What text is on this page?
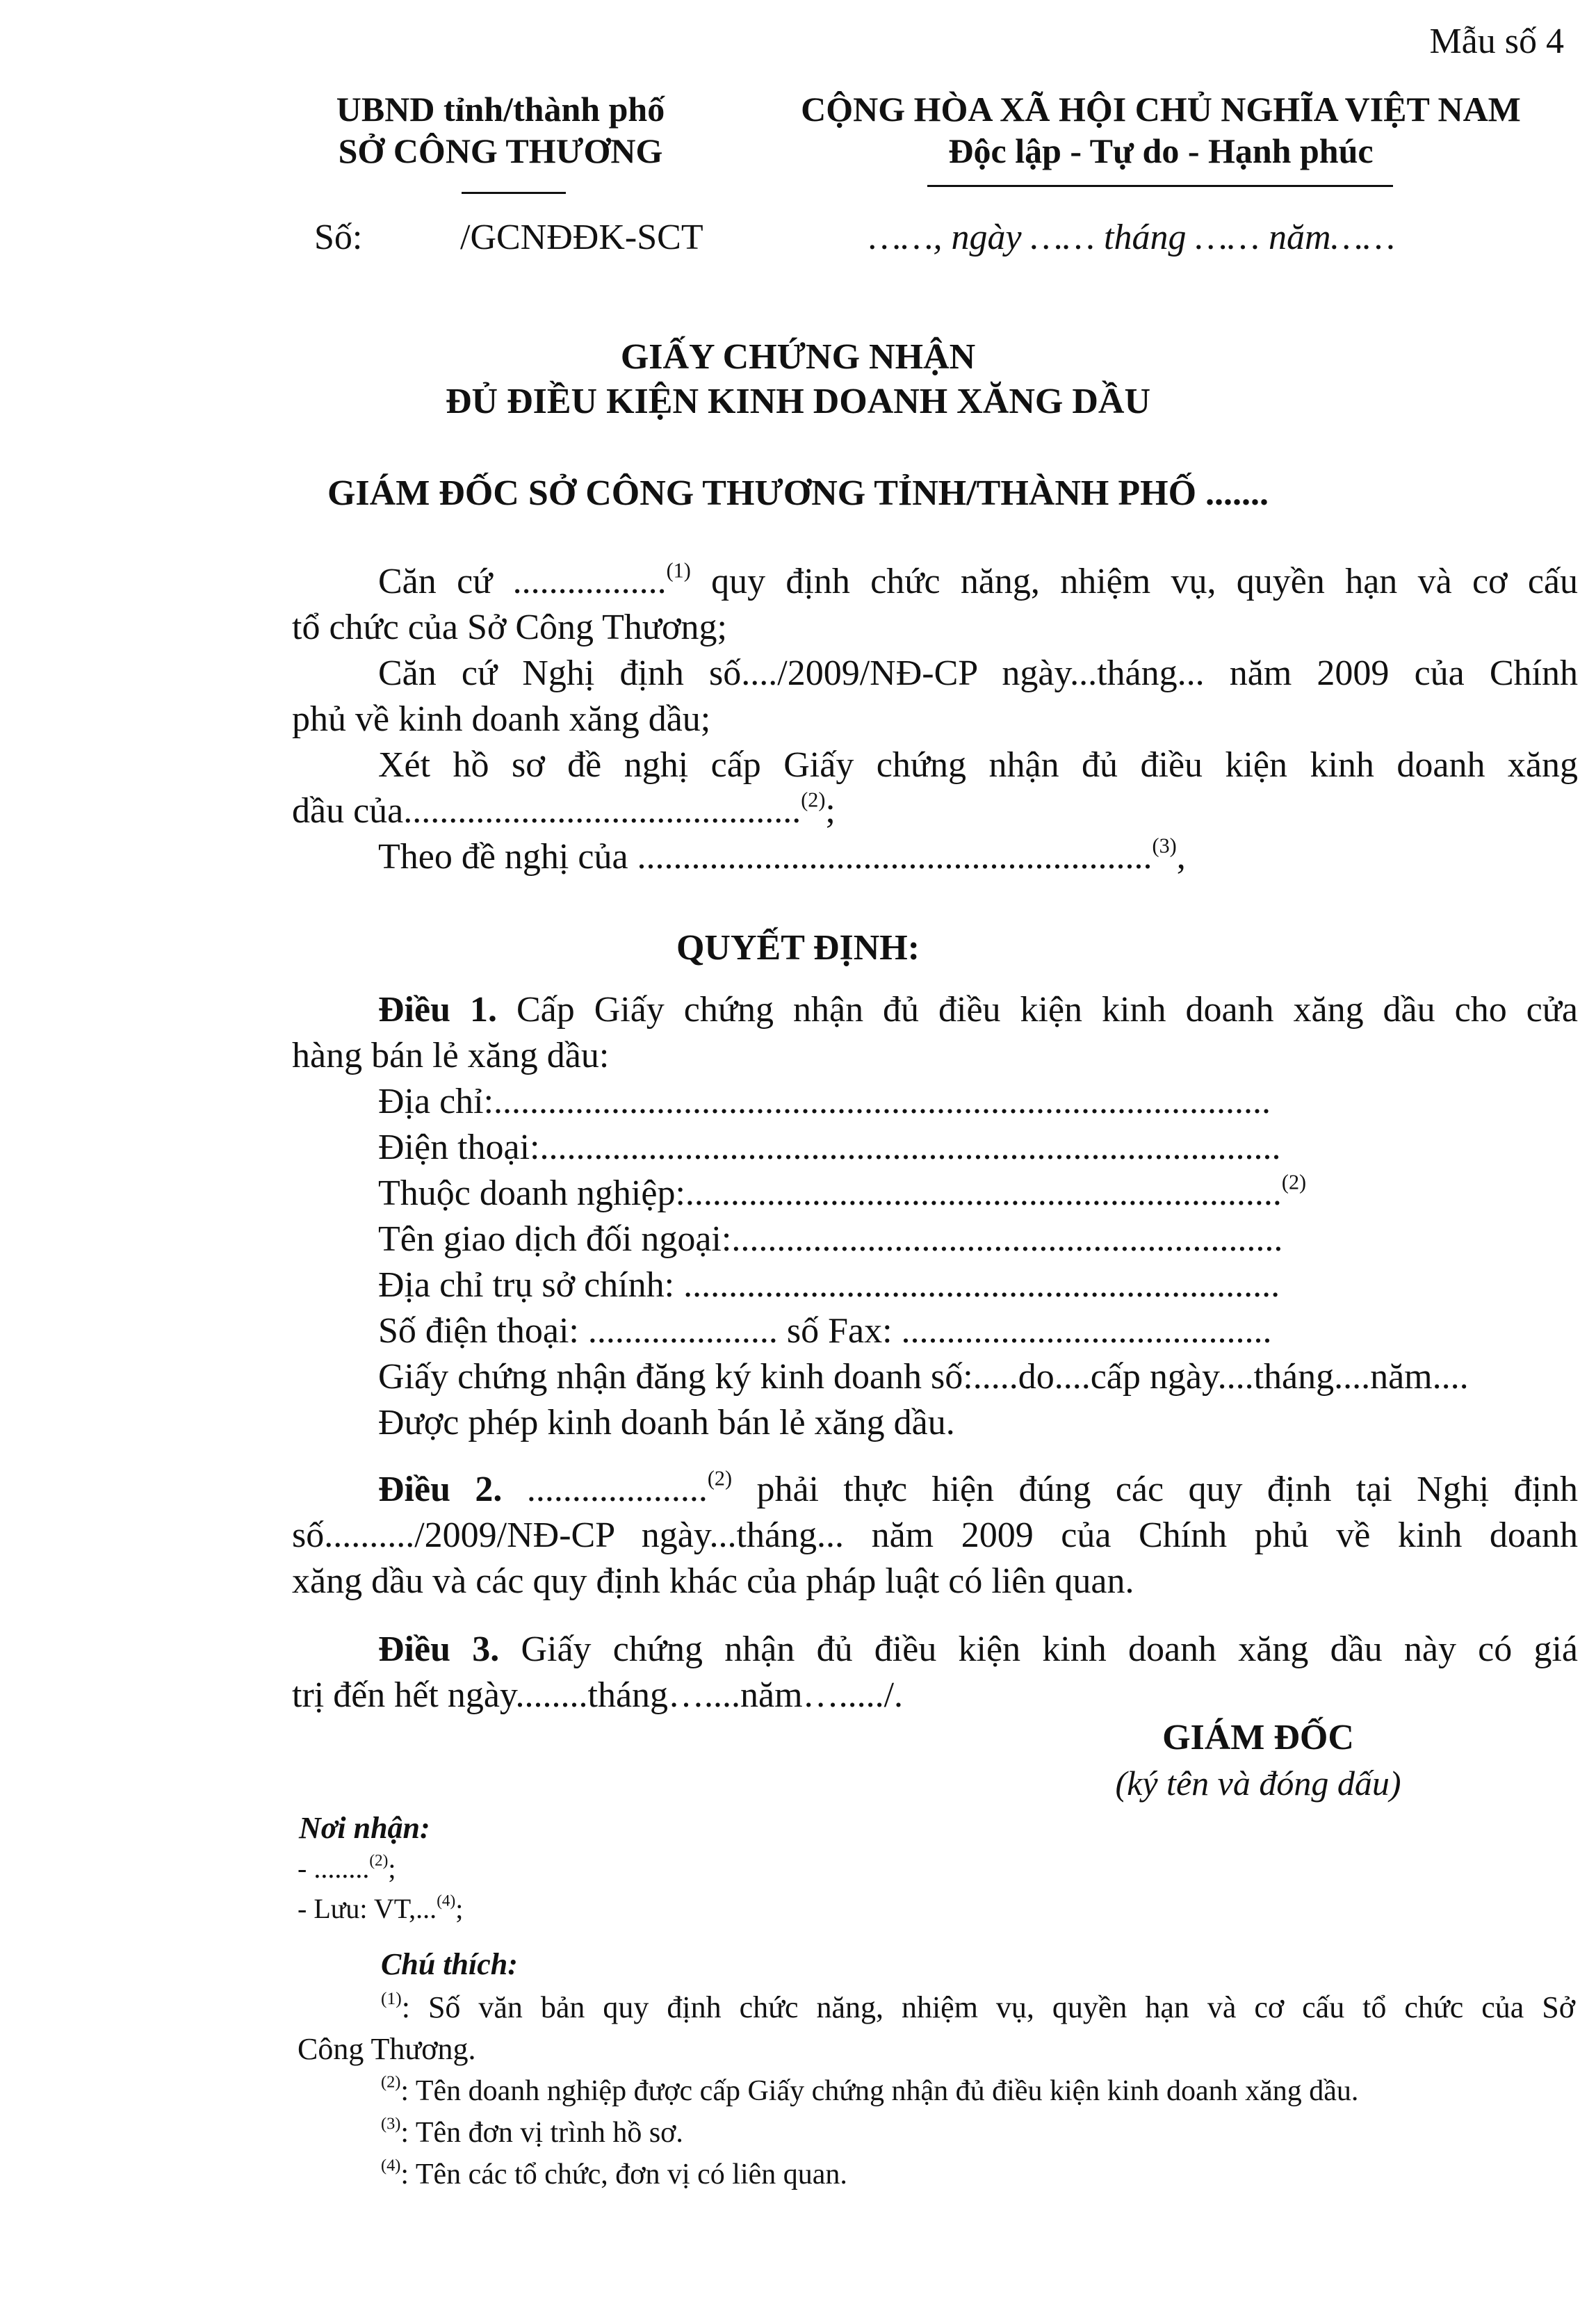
Mẫu số 4
UBND tỉnh/thành phố
SỞ CÔNG THƯƠNG
CỘNG HÒA XÃ HỘI CHỦ NGHĨA VIỆT NAM
Độc lập - Tự do - Hạnh phúc
Số:	/GCNĐĐK-SCT	……, ngày …… tháng …… năm……
GIẤY CHỨNG NHẬN
ĐỦ ĐIỀU KIỆN KINH DOANH XĂNG DẦU
GIÁM ĐỐC SỞ CÔNG THƯƠNG TỈNH/THÀNH PHỐ .......
Căn cứ .................$^{(1)}$ quy định chức năng, nhiệm vụ, quyền hạn và cơ cấu
tổ chức của Sở Công Thương;
Căn cứ Nghị định số..../2009/NĐ-CP ngày...tháng... năm 2009 của Chính
phủ về kinh doanh xăng dầu;
Xét hồ sơ đề nghị cấp Giấy chứng nhận đủ điều kiện kinh doanh xăng
dầu của............................................$^{(2)}$;
Theo đề nghị của .........................................................$^{(3)}$,
QUYẾT ĐỊNH:
Điều 1. Cấp Giấy chứng nhận đủ điều kiện kinh doanh xăng dầu cho cửa
hàng bán lẻ xăng dầu:
Địa chỉ:......................................................................................
Điện thoại:..................................................................................
Thuộc doanh nghiệp:..................................................................$^{(2)}$
Tên giao dịch đối ngoại:.............................................................
Địa chỉ trụ sở chính: ..................................................................
Số điện thoại: ..................... số Fax: .........................................
Giấy chứng nhận đăng ký kinh doanh số:.....do....cấp ngày....tháng....năm....
Được phép kinh doanh bán lẻ xăng dầu.
Điều 2. ....................$^{(2)}$ phải thực hiện đúng các quy định tại Nghị định
số........../2009/NĐ-CP ngày...tháng... năm 2009 của Chính phủ về kinh doanh
xăng dầu và các quy định khác của pháp luật có liên quan.
Điều 3. Giấy chứng nhận đủ điều kiện kinh doanh xăng dầu này có giá
trị đến hết ngày........tháng…....năm…...../.
GIÁM ĐỐC
(ký tên và đóng dấu)
Nơi nhận:
- ........$^{(2)}$;
- Lưu: VT,...$^{(4)}$;
Chú thích:
$^{(1)}$: Số văn bản quy định chức năng, nhiệm vụ, quyền hạn và cơ cấu tổ chức của Sở
Công Thương.
$^{(2)}$: Tên doanh nghiệp được cấp Giấy chứng nhận đủ điều kiện kinh doanh xăng dầu.
$^{(3)}$: Tên đơn vị trình hồ sơ.
$^{(4)}$: Tên các tổ chức, đơn vị có liên quan.
